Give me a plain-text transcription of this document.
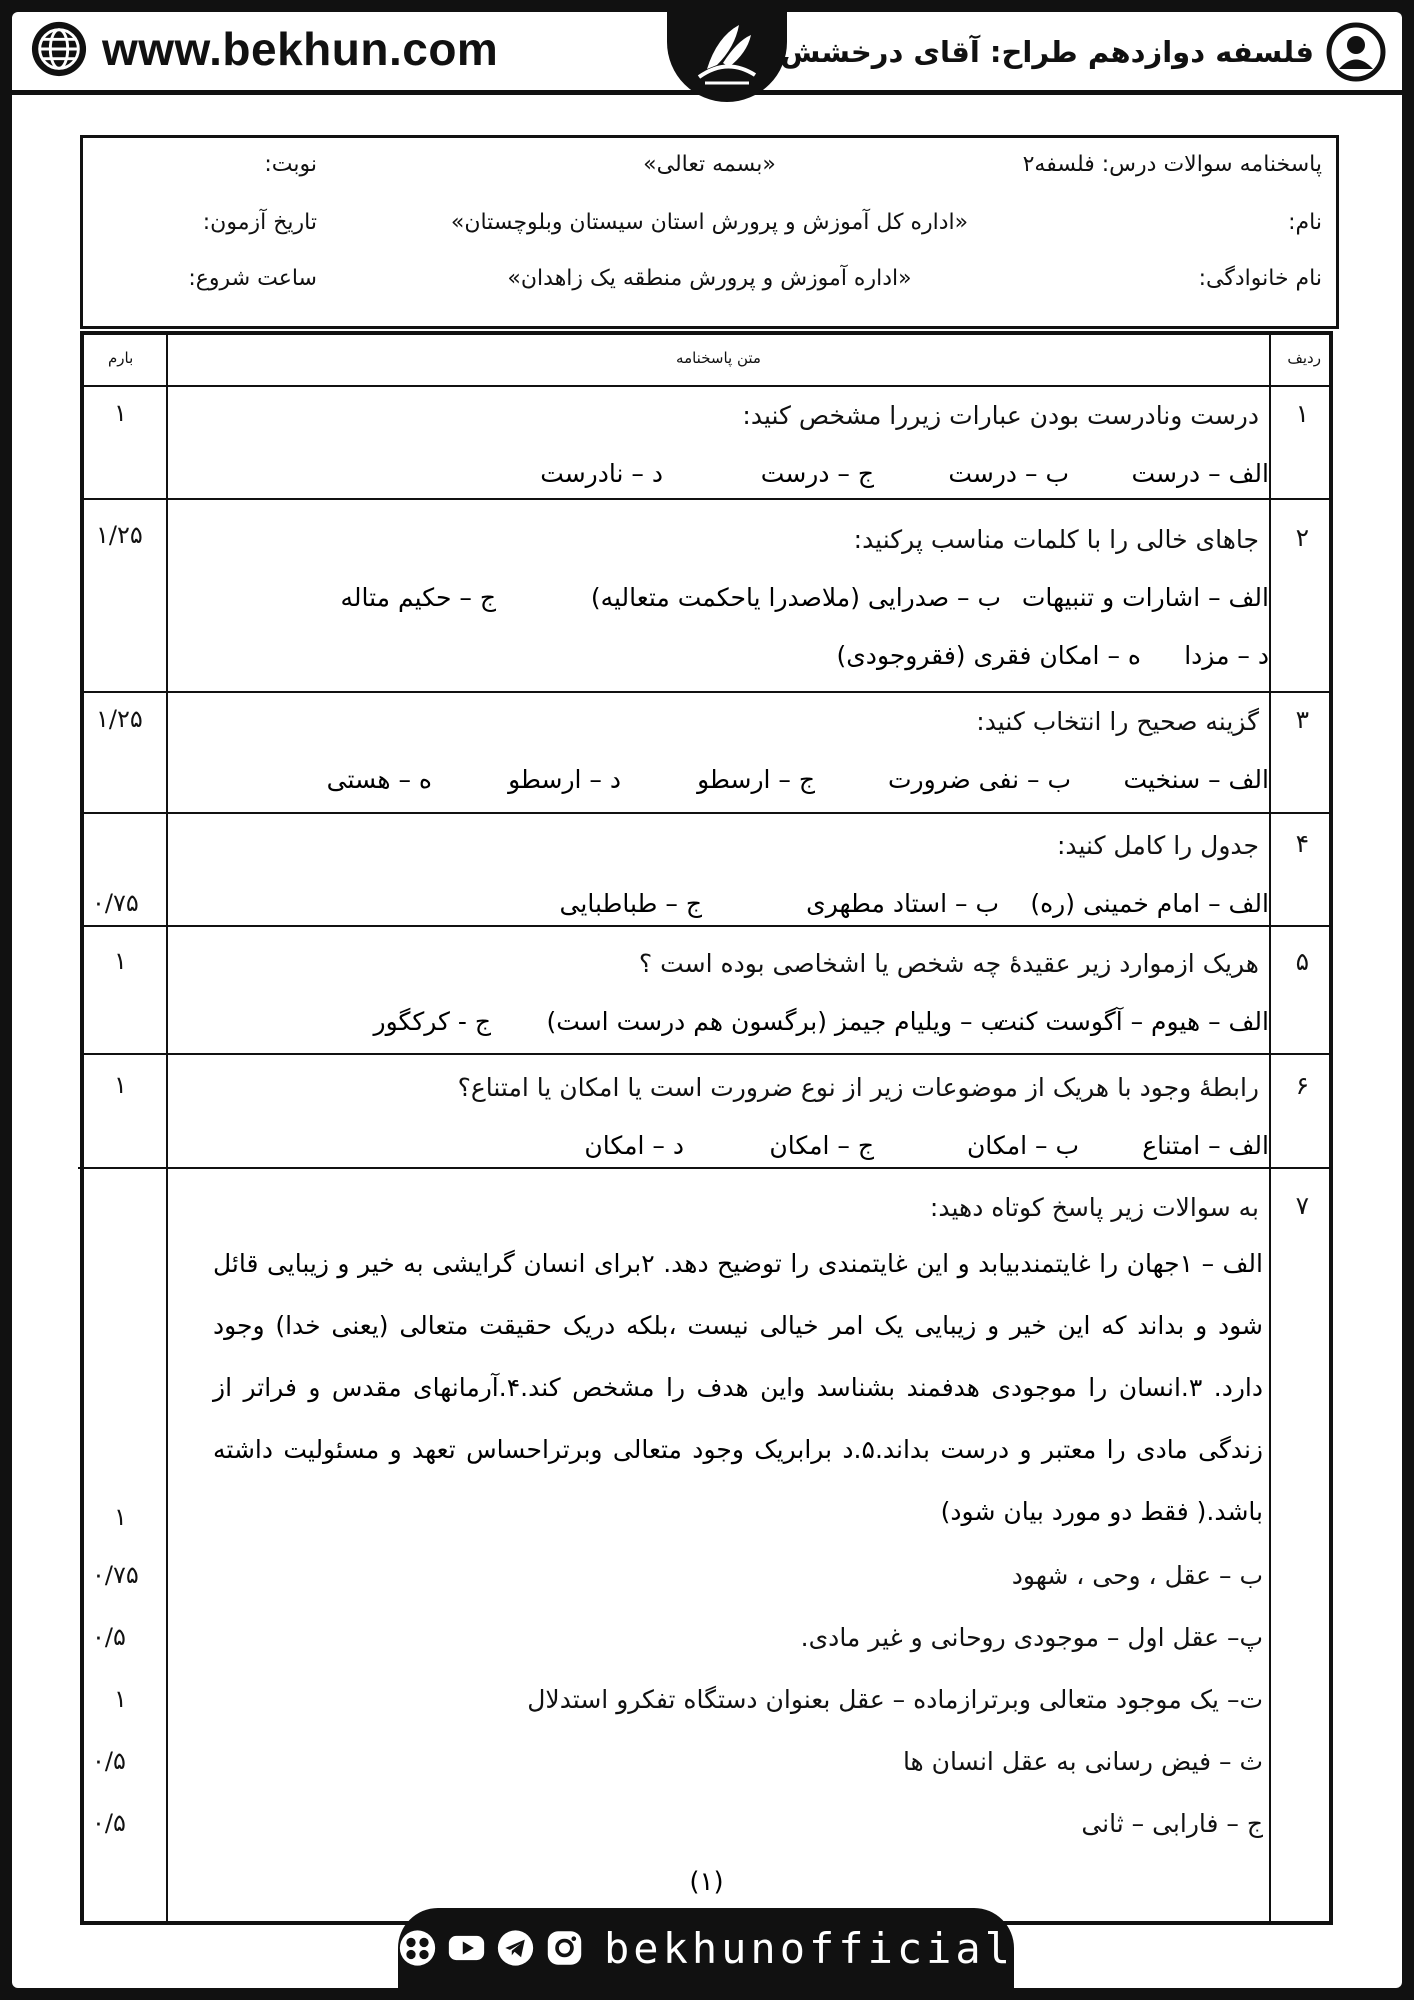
www.bekhun.com	فلسفه دوازدهم طراح: آقای درخشش
پاسخنامه سوالات درس: فلسفه۲
«بسمه تعالی»
نوبت:
نام:
«اداره کل آموزش و پرورش استان سیستان وبلوچستان»
تاریخ آزمون:
نام خانوادگی:
«اداره آموزش و پرورش منطقه یک زاهدان»
ساعت شروع:
ردیف
متن پاسخنامه
بارم
۱
درست ونادرست بودن عبارات زیررا مشخص کنید:
۱
الف – درست
ب – درست
ج – درست
د – نادرست
۲
جاهای خالی را با کلمات مناسب پرکنید:
۱/۲۵
الف – اشارات و تنبیهات
ب – صدرایی (ملاصدرا یاحکمت متعالیه)
ج – حکیم متاله
د – مزدا
ه – امکان فقری (فقروجودی)
۳
گزینه صحیح را انتخاب کنید:
۱/۲۵
الف – سنخیت
ب – نفی ضرورت
ج – ارسطو
د – ارسطو
ه – هستی
۴
جدول را کامل کنید:
۰/۷۵	الف – امام خمینی (ره)
ب – استاد مطهری
ج – طباطبایی
۵
هریک ازموارد زیر عقیدهٔ چه شخص یا اشخاصی بوده است ؟
۱
الف – هیوم – آگوست کنت
ب – ویلیام جیمز (برگسون هم درست است)
ج - کرکگور
۶
رابطهٔ وجود با هریک از موضوعات زیر از نوع ضرورت است یا امکان یا امتناع؟
۱
الف – امتناع
ب – امکان
ج – امکان
د – امکان
۷
به سوالات زیر پاسخ کوتاه دهید:
الف – ۱جهان را غایتمندبیابد و این غایتمندی را توضیح دهد. ۲برای انسان گرایشی به خیر و زیبایی قائل شود و بداند که این خیر و زیبایی یک امر خیالی نیست ،بلکه دریک حقیقت متعالی (یعنی خدا) وجود دارد. ۳.انسان را موجودی هدفمند بشناسد واین هدف را مشخص کند.۴.آرمانهای مقدس و فراتر از زندگی مادی را معتبر و درست بداند.۵.د برابریک وجود متعالی وبرتراحساس تعهد و مسئولیت داشته باشد.( فقط دو مورد بیان شود)
۱
ب – عقل ، وحی ، شهود
۰/۷۵
پ– عقل اول – موجودی روحانی و غیر مادی.
۰/۵
ت– یک موجود متعالی وبرترازماده – عقل بعنوان دستگاه تفکرو استدلال
۱
ث – فیض رسانی به عقل انسان ها
۰/۵
ج – فارابی – ثانی
۰/۵
(۱)
bekhunofficial
